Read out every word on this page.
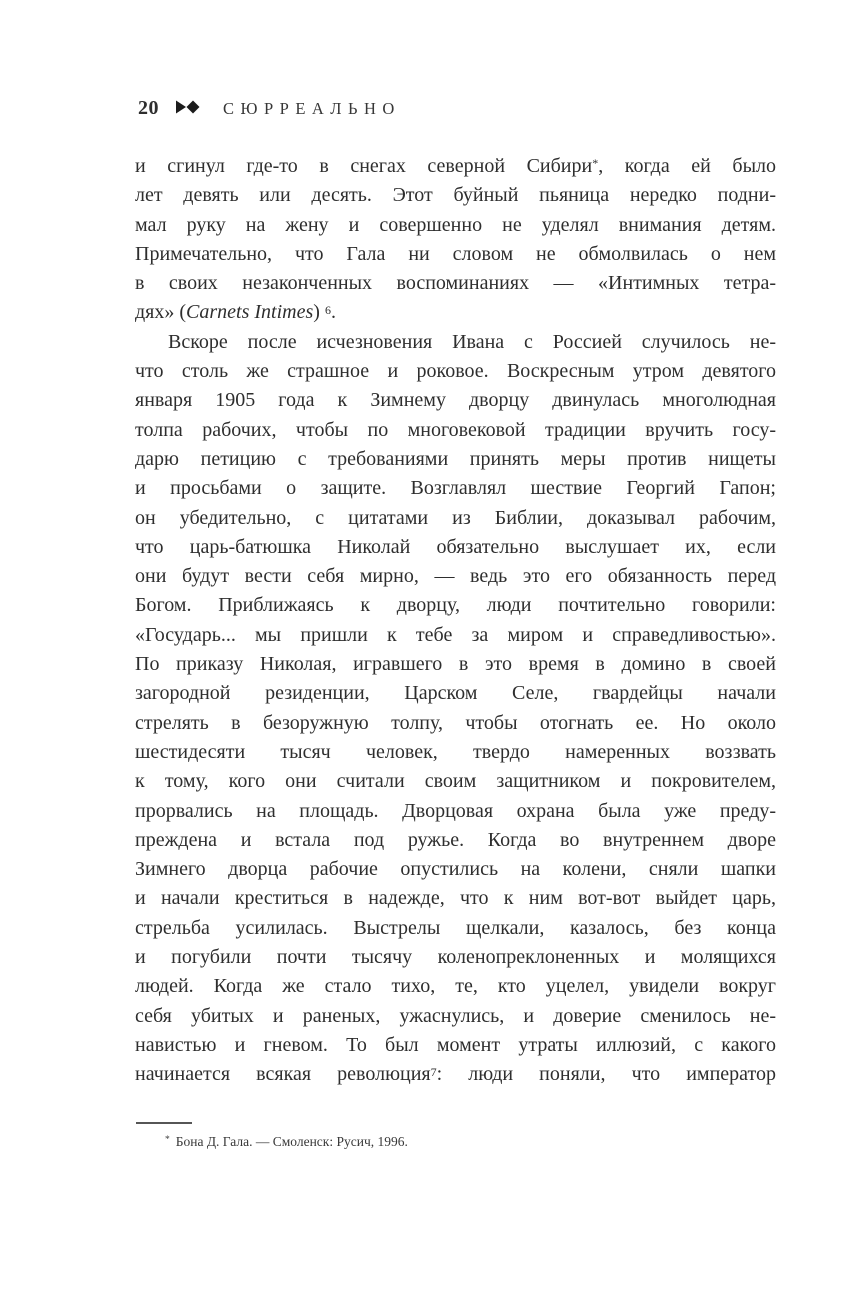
20	СЮРРЕАЛЬНО
и сгинул где-то в снегах северной Сибири*, когда ей было
лет девять или десять. Этот буйный пьяница нередко подни-
мал руку на жену и совершенно не уделял внимания детям.
Примечательно, что Гала ни словом не обмолвилась о нем
в своих незаконченных воспоминаниях — «Интимных тетра-
дях» (Carnets Intimes) $^6$.
Вскоре после исчезновения Ивана с Россией случилось не-
что столь же страшное и роковое. Воскресным утром девятого
января 1905 года к Зимнему дворцу двинулась многолюдная
толпа рабочих, чтобы по многовековой традиции вручить госу-
дарю петицию с требованиями принять меры против нищеты
и просьбами о защите. Возглавлял шествие Георгий Гапон;
он убедительно, с цитатами из Библии, доказывал рабочим,
что царь-батюшка Николай обязательно выслушает их, если
они будут вести себя мирно, — ведь это его обязанность перед
Богом. Приближаясь к дворцу, люди почтительно говорили:
«Государь... мы пришли к тебе за миром и справедливостью».
По приказу Николая, игравшего в это время в домино в своей
загородной резиденции, Царском Селе, гвардейцы начали
стрелять в безоружную толпу, чтобы отогнать ее. Но около
шестидесяти тысяч человек, твердо намеренных воззвать
к тому, кого они считали своим защитником и покровителем,
прорвались на площадь. Дворцовая охрана была уже преду-
преждена и встала под ружье. Когда во внутреннем дворе
Зимнего дворца рабочие опустились на колени, сняли шапки
и начали креститься в надежде, что к ним вот-вот выйдет царь,
стрельба усилилась. Выстрелы щелкали, казалось, без конца
и погубили почти тысячу коленопреклоненных и молящихся
людей. Когда же стало тихо, те, кто уцелел, увидели вокруг
себя убитых и раненых, ужаснулись, и доверие сменилось не-
навистью и гневом. То был момент утраты иллюзий, с какого
начинается всякая революция$^7$: люди поняли, что император
* Бона Д. Гала. — Смоленск: Русич, 1996.
